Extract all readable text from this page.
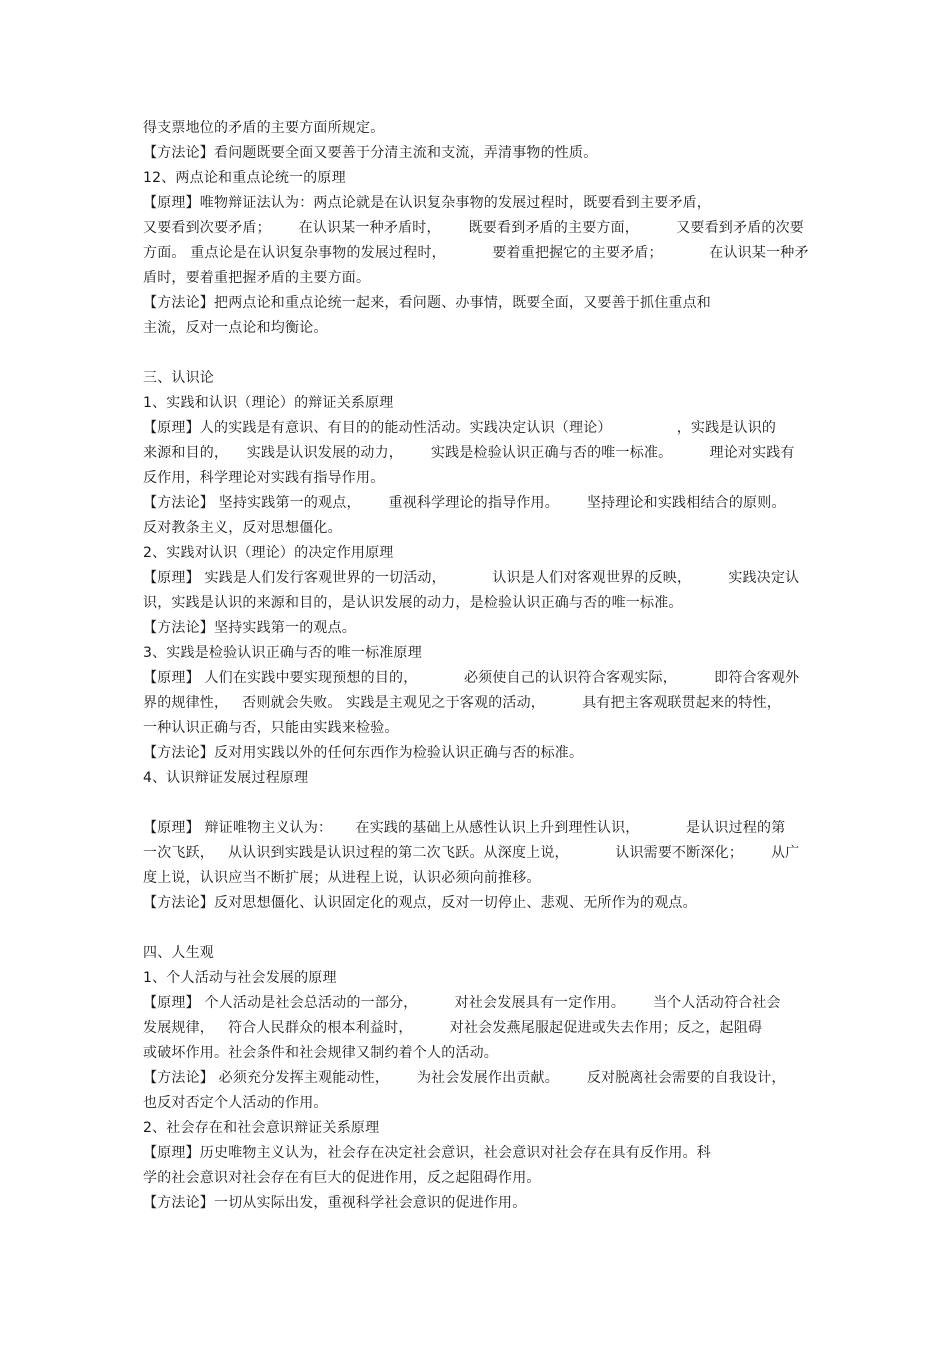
得支票地位的矛盾的主要方面所规定。
【方法论】看问题既要全面又要善于分清主流和支流，弄清事物的性质。
12、两点论和重点论统一的原理
【原理】唯物辩证法认为：两点论就是在认识复杂事物的发展过程时，既要看到主要矛盾，
又要看到次要矛盾；      在认识某一种矛盾时，      既要看到矛盾的主要方面，        又要看到矛盾的次要
方面。 重点论是在认识复杂事物的发展过程时，          要着重把握它的主要矛盾；          在认识某一种矛
盾时，要着重把握矛盾的主要方面。
【方法论】把两点论和重点论统一起来，看问题、办事情，既要全面，又要善于抓住重点和
主流，反对一点论和均衡论。
三、认识论
1、实践和认识（理论）的辩证关系原理
【原理】人的实践是有意识、有目的的能动性活动。实践决定认识（理论）              ，实践是认识的
来源和目的，    实践是认识发展的动力，      实践是检验认识正确与否的唯一标准。        理论对实践有
反作用，科学理论对实践有指导作用。
【方法论】 坚持实践第一的观点，      重视科学理论的指导作用。      坚持理论和实践相结合的原则。
反对教条主义，反对思想僵化。
2、实践对认识（理论）的决定作用原理
【原理】 实践是人们发行客观世界的一切活动，          认识是人们对客观世界的反映，        实践决定认
识，实践是认识的来源和目的，是认识发展的动力，是检验认识正确与否的唯一标准。
【方法论】坚持实践第一的观点。
3、实践是检验认识正确与否的唯一标准原理
【原理】 人们在实践中要实现预想的目的，          必须使自己的认识符合客观实际，        即符合客观外
界的规律性，   否则就会失败。 实践是主观见之于客观的活动，        具有把主客观联贯起来的特性，
一种认识正确与否，只能由实践来检验。
【方法论】反对用实践以外的任何东西作为检验认识正确与否的标准。
4、认识辩证发展过程原理
【原理】 辩证唯物主义认为：     在实践的基础上从感性认识上升到理性认识，          是认识过程的第
一次飞跃，   从认识到实践是认识过程的第二次飞跃。从深度上说，          认识需要不断深化；      从广
度上说，认识应当不断扩展；从进程上说，认识必须向前推移。
【方法论】反对思想僵化、认识固定化的观点，反对一切停止、悲观、无所作为的观点。
四、人生观
1、个人活动与社会发展的原理
【原理】 个人活动是社会总活动的一部分，        对社会发展具有一定作用。      当个人活动符合社会
发展规律，   符合人民群众的根本利益时，        对社会发燕尾服起促进或失去作用；反之，起阻碍
或破坏作用。社会条件和社会规律又制约着个人的活动。
【方法论】 必须充分发挥主观能动性，      为社会发展作出贡献。      反对脱离社会需要的自我设计，
也反对否定个人活动的作用。
2、社会存在和社会意识辩证关系原理
【原理】历史唯物主义认为，社会存在决定社会意识，社会意识对社会存在具有反作用。科
学的社会意识对社会存在有巨大的促进作用，反之起阻碍作用。
【方法论】一切从实际出发，重视科学社会意识的促进作用。
